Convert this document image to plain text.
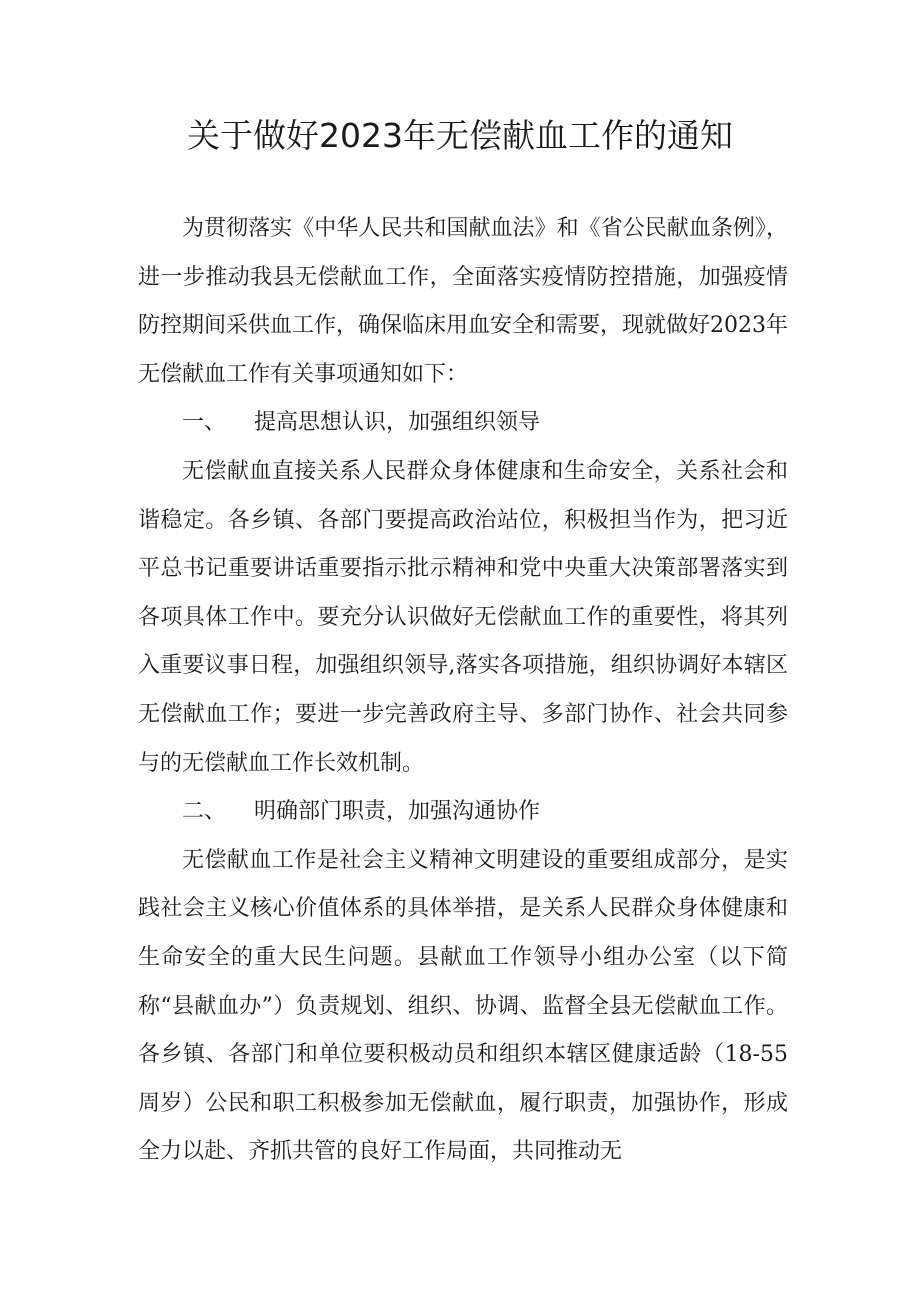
关于做好2023年无偿献血工作的通知

为贯彻落实《中华人民共和国献血法》和《省公民献血条例》，进一步推动我县无偿献血工作，全面落实疫情防控措施，加强疫情防控期间采供血工作，确保临床用血安全和需要，现就做好2023年无偿献血工作有关事项通知如下：

一、 提高思想认识，加强组织领导

无偿献血直接关系人民群众身体健康和生命安全，关系社会和谐稳定。各乡镇、各部门要提高政治站位，积极担当作为，把习近平总书记重要讲话重要指示批示精神和党中央重大决策部署落实到各项具体工作中。要充分认识做好无偿献血工作的重要性，将其列入重要议事日程，加强组织领导,落实各项措施，组织协调好本辖区无偿献血工作；要进一步完善政府主导、多部门协作、社会共同参与的无偿献血工作长效机制。

二、 明确部门职责，加强沟通协作

无偿献血工作是社会主义精神文明建设的重要组成部分，是实践社会主义核心价值体系的具体举措，是关系人民群众身体健康和生命安全的重大民生问题。县献血工作领导小组办公室（以下简称“县献血办”）负责规划、组织、协调、监督全县无偿献血工作。各乡镇、各部门和单位要积极动员和组织本辖区健康适龄（18-55周岁）公民和职工积极参加无偿献血，履行职责，加强协作，形成全力以赴、齐抓共管的良好工作局面，共同推动无
